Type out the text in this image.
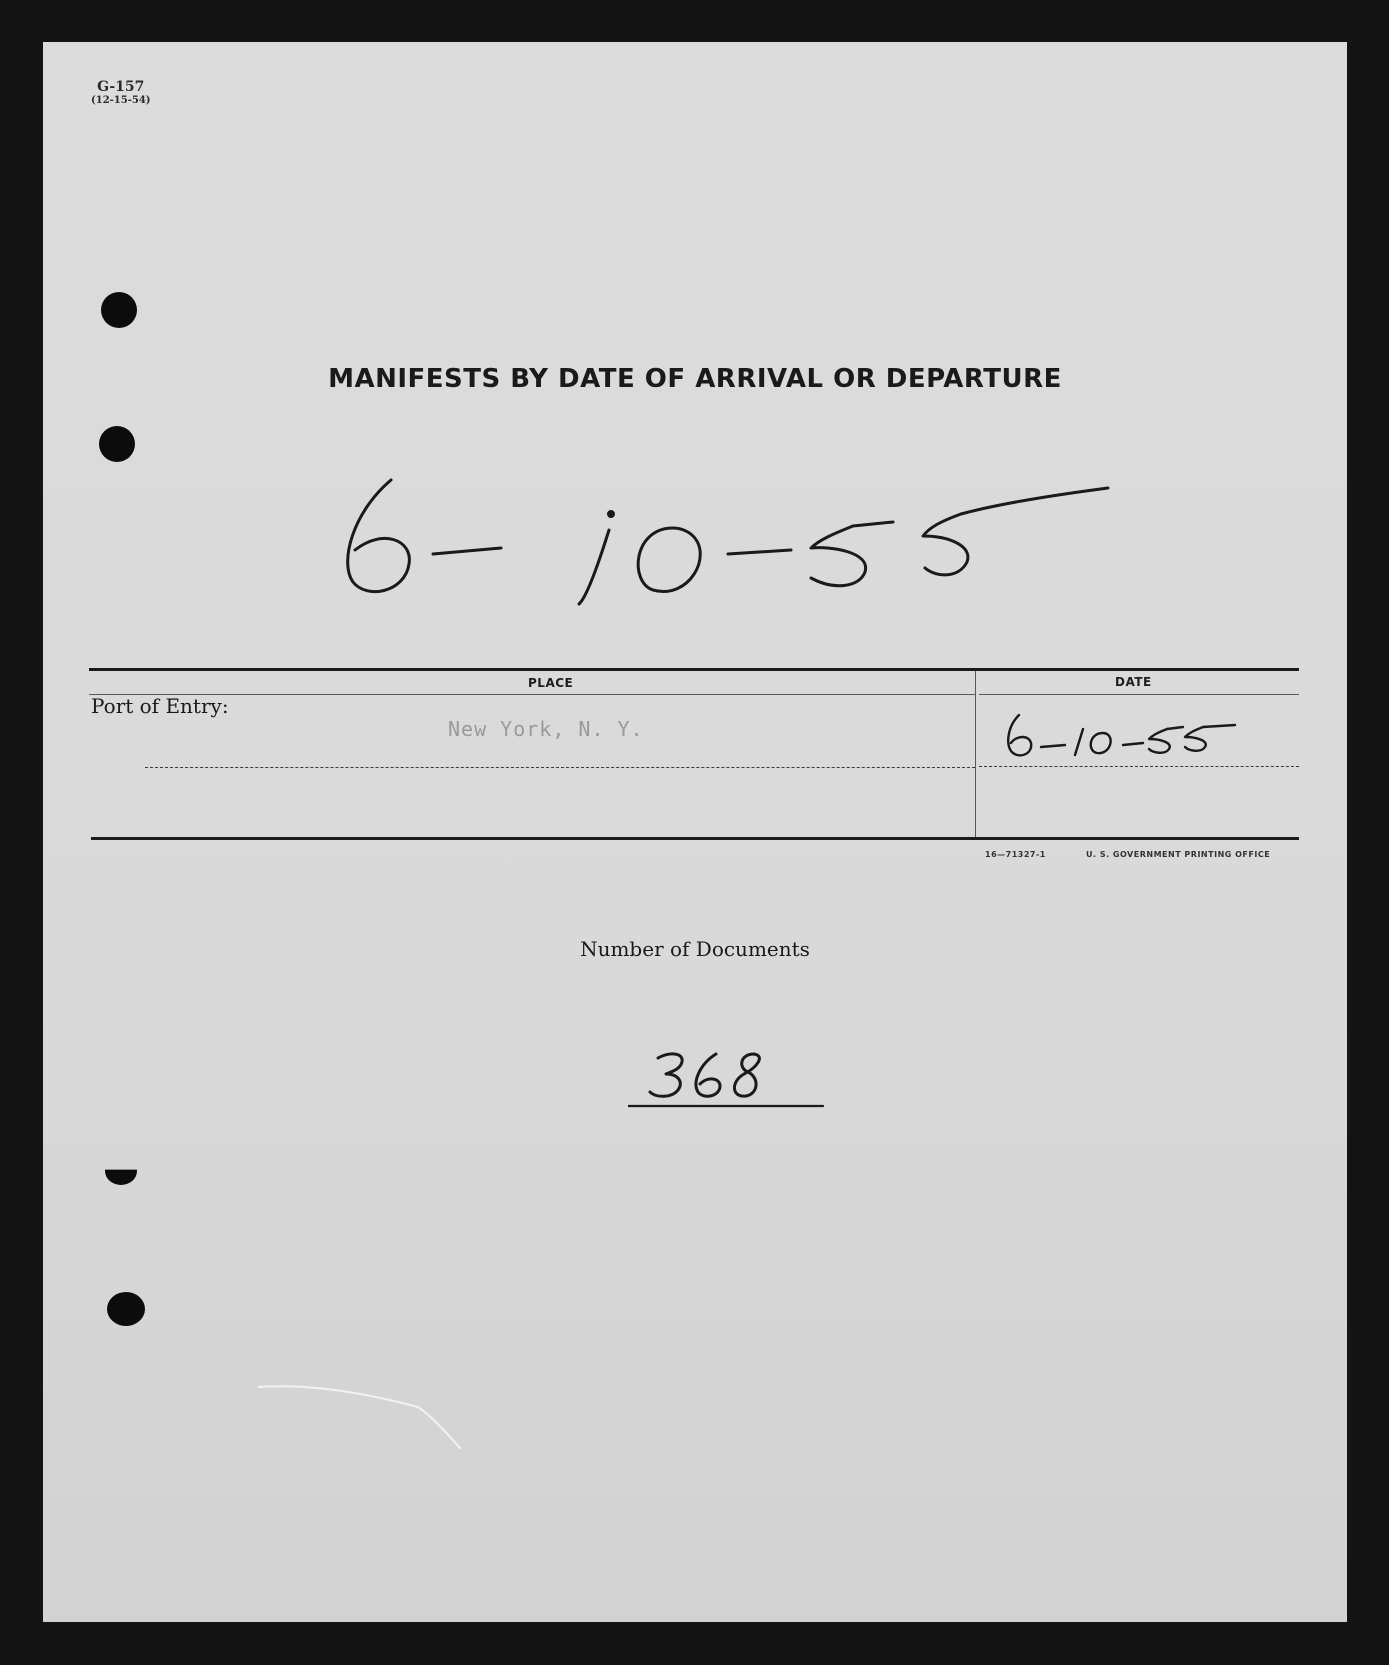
G-157
(12-15-54)
MANIFESTS BY DATE OF ARRIVAL OR DEPARTURE
PLACE	DATE
Port of Entry:
New York, N. Y.
16—71327-1	U. S. GOVERNMENT PRINTING OFFICE
Number of Documents
